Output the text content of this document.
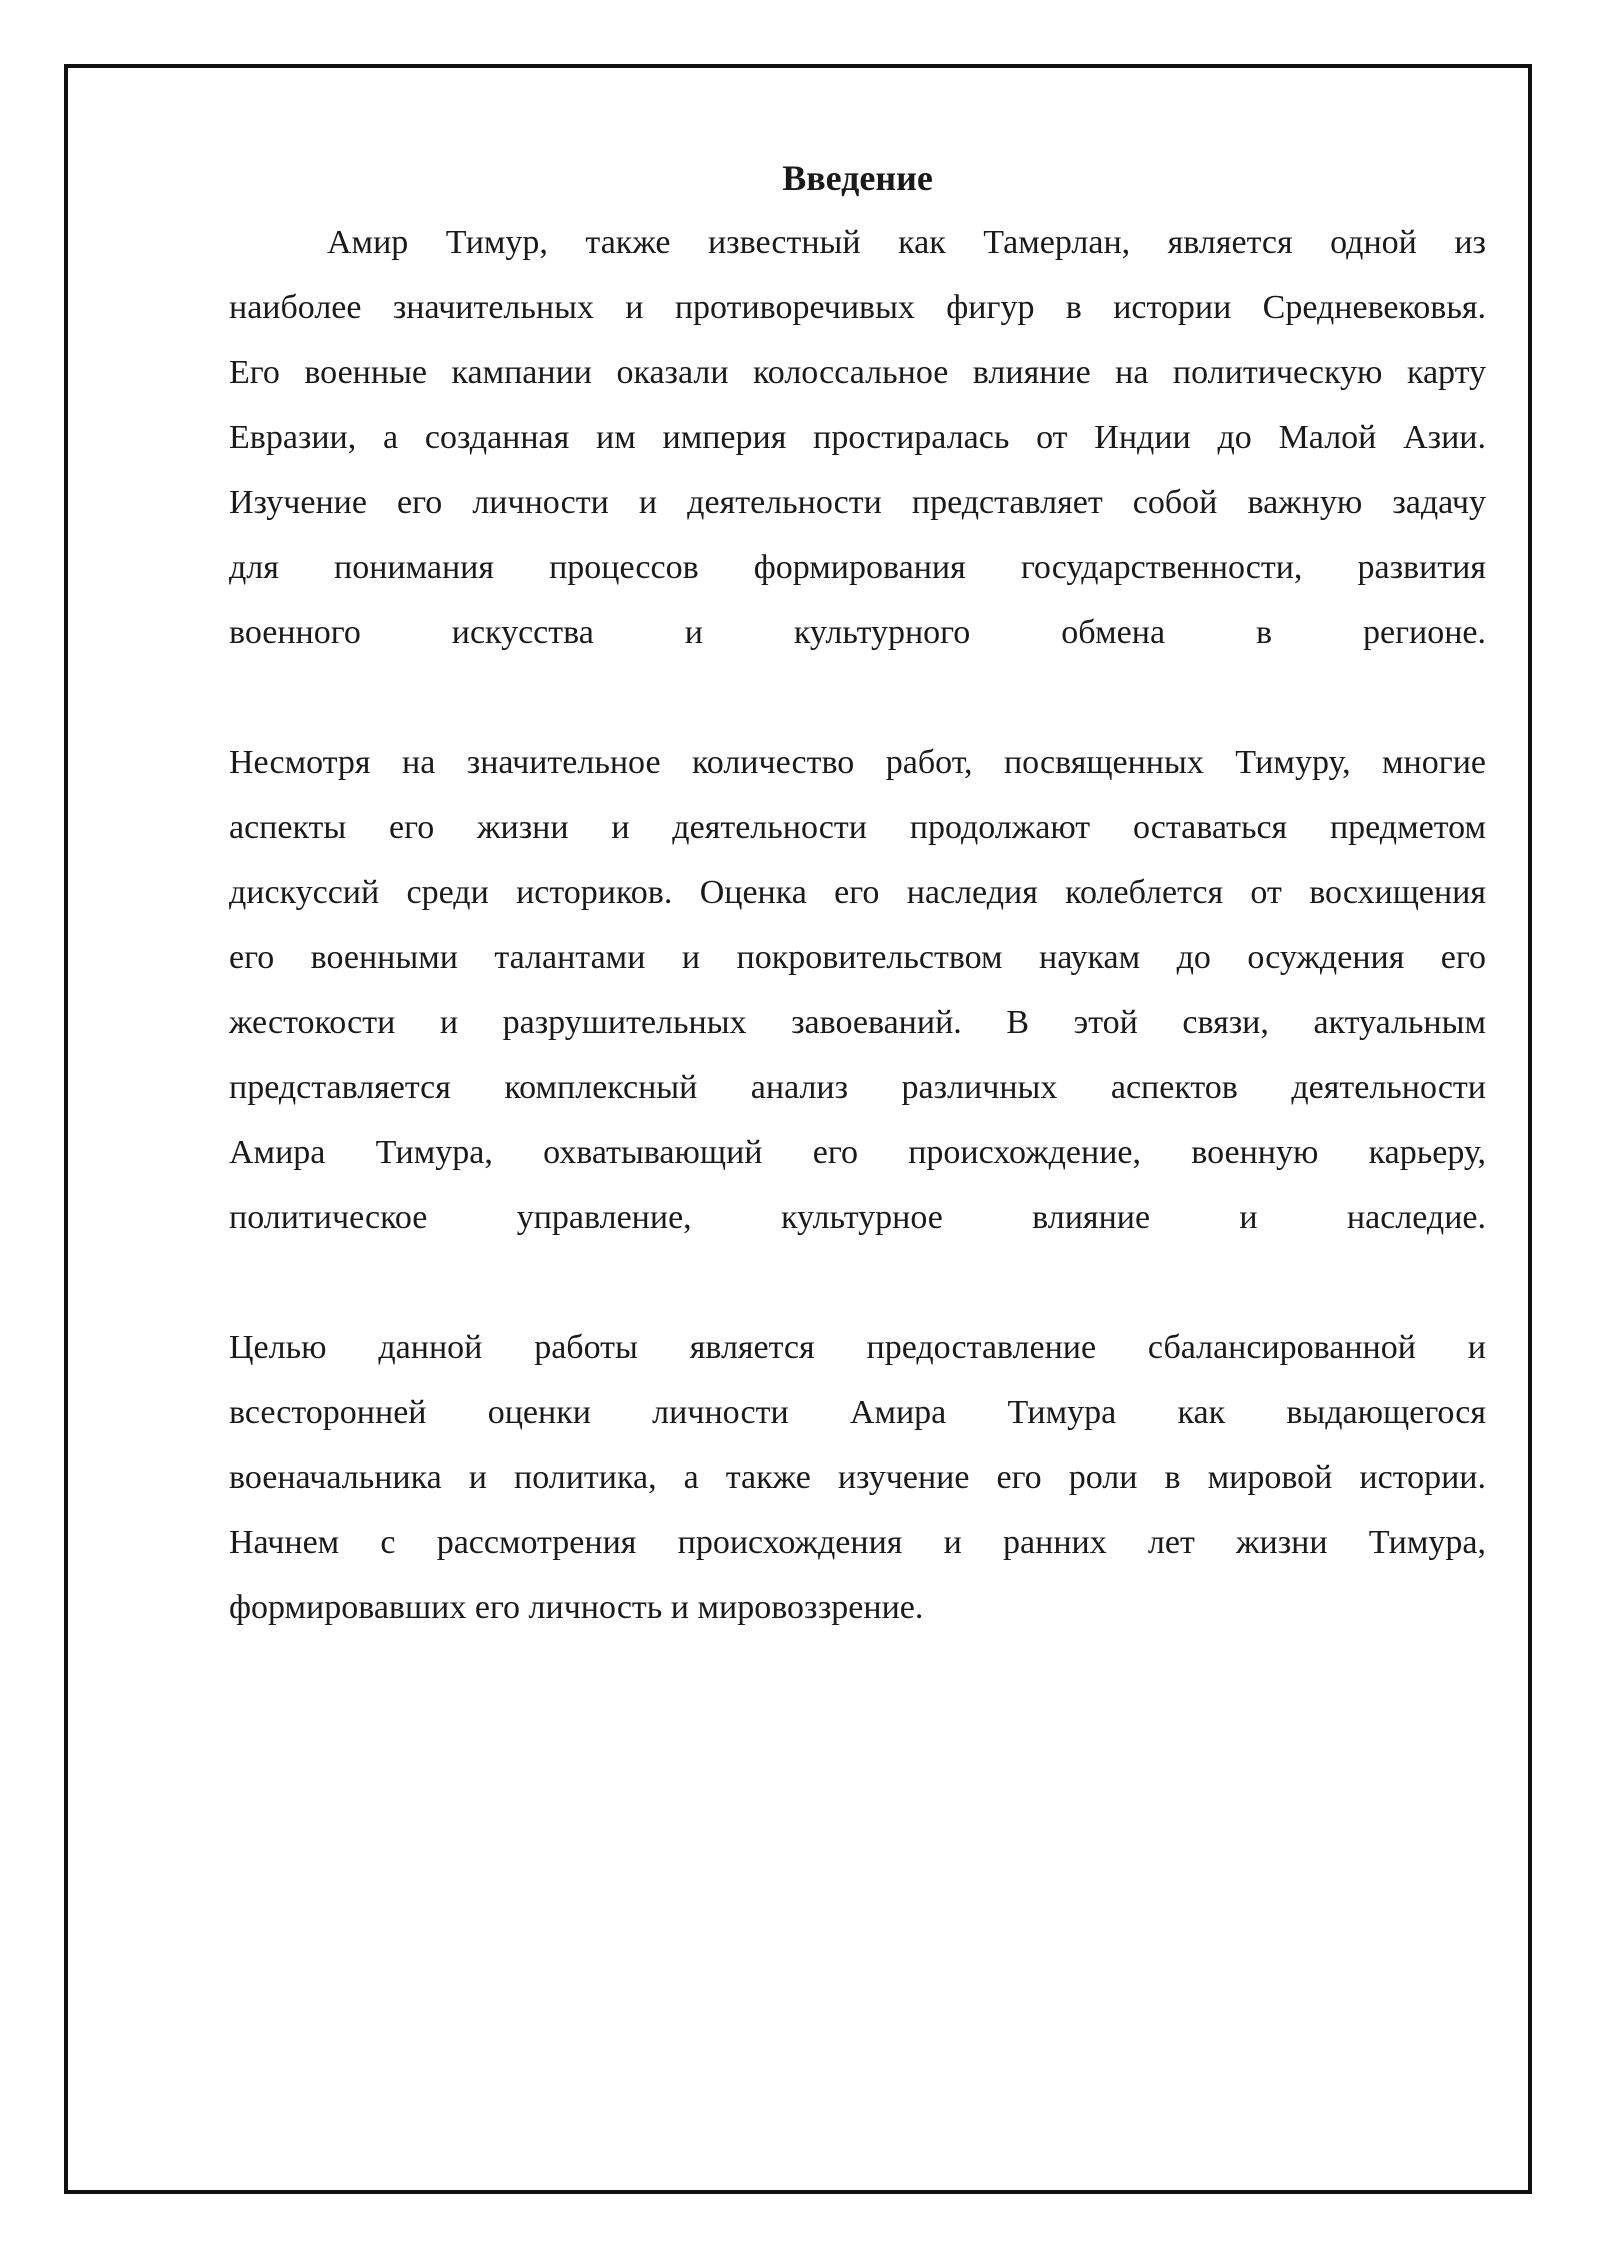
Введение

Амир Тимур, также известный как Тамерлан, является одной из
наиболее значительных и противоречивых фигур в истории Средневековья.
Его военные кампании оказали колоссальное влияние на политическую карту
Евразии, а созданная им империя простиралась от Индии до Малой Азии.
Изучение его личности и деятельности представляет собой важную задачу
для понимания процессов формирования государственности, развития
военного искусства и культурного обмена в регионе.

Несмотря на значительное количество работ, посвященных Тимуру, многие
аспекты его жизни и деятельности продолжают оставаться предметом
дискуссий среди историков. Оценка его наследия колеблется от восхищения
его военными талантами и покровительством наукам до осуждения его
жестокости и разрушительных завоеваний. В этой связи, актуальным
представляется комплексный анализ различных аспектов деятельности
Амира Тимура, охватывающий его происхождение, военную карьеру,
политическое управление, культурное влияние и наследие.

Целью данной работы является предоставление сбалансированной и
всесторонней оценки личности Амира Тимура как выдающегося
военачальника и политика, а также изучение его роли в мировой истории.
Начнем с рассмотрения происхождения и ранних лет жизни Тимура,
формировавших его личность и мировоззрение.
